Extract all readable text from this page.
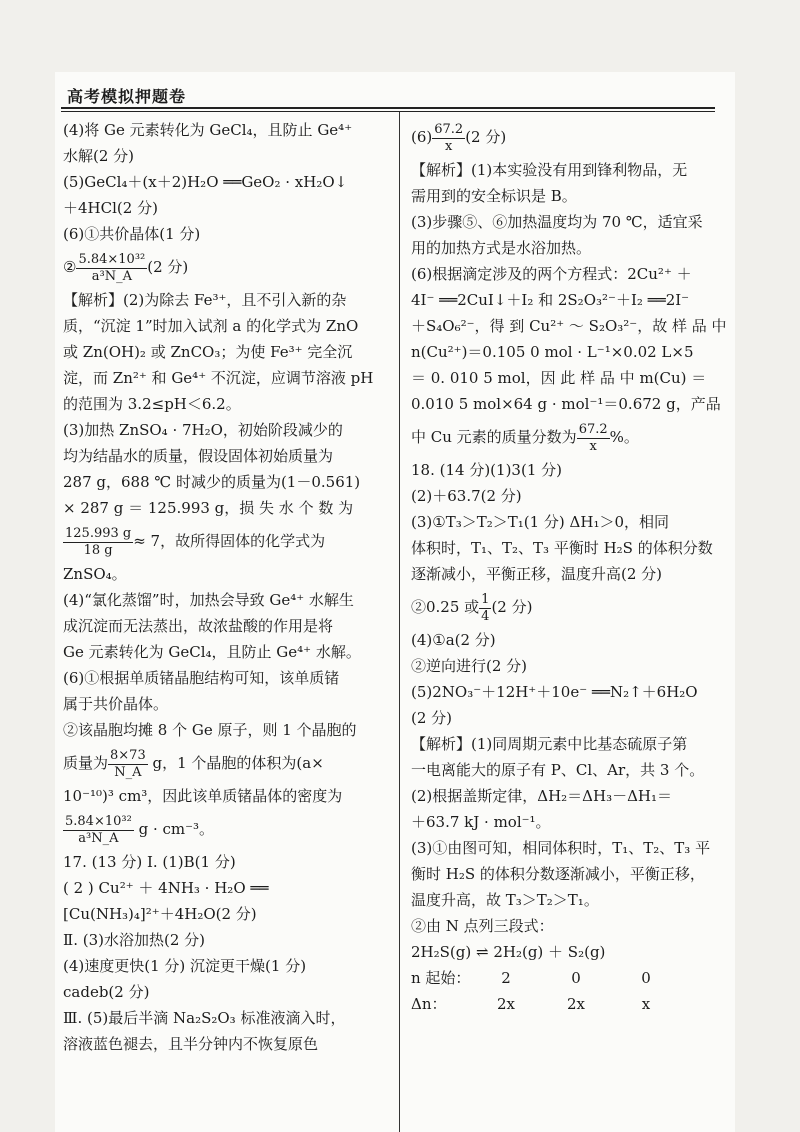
高考模拟押题卷
(4)将 Ge 元素转化为 GeCl₄，且防止 Ge⁴⁺
水解(2 分)
(5)GeCl₄＋(x＋2)H₂O ══GeO₂ · xH₂O↓
＋4HCl(2 分)
(6)①共价晶体(1 分)
② $\frac{\text{5.84×10³²}}{\text{a³N\_A}} (2$ 分)
【解析】(2)为除去 Fe³⁺，且不引入新的杂
质，“沉淀 1”时加入试剂 a 的化学式为 ZnO
或 Zn(OH)₂ 或 ZnCO₃；为使 Fe³⁺ 完全沉
淀，而 Zn²⁺ 和 Ge⁴⁺ 不沉淀，应调节溶液 pH
的范围为 3.2≤pH＜6.2。
(3)加热 ZnSO₄ · 7H₂O，初始阶段减少的
均为结晶水的质量，假设固体初始质量为
287 g，688 ℃ 时减少的质量为(1－0.561)
× 287 g ＝ 125.993 g，损 失 水 个 数 为
$\frac{125.993 g}{18 g} \approx 7$，故所得固体的化学式为
ZnSO₄。
(4)“氯化蒸馏”时，加热会导致 Ge⁴⁺ 水解生
成沉淀而无法蒸出，故浓盐酸的作用是将
Ge 元素转化为 GeCl₄，且防止 Ge⁴⁺ 水解。
(6)①根据单质锗晶胞结构可知，该单质锗
属于共价晶体。
②该晶胞均摊 8 个 Ge 原子，则 1 个晶胞的
质量为 $\frac{8\times 73}{N\_A}$ g，1 个晶胞的体积为(a×
10⁻¹⁰)³ cm³，因此该单质锗晶体的密度为
$\frac{\text{5.84×10³²}}{\text{a³N\_A}}$ g · cm⁻³。
17. (13 分) Ⅰ. (1)B(1 分)
( 2 ) Cu²⁺ ＋ 4NH₃ · H₂O ══
[Cu(NH₃)₄]²⁺＋4H₂O(2 分)
Ⅱ. (3)水浴加热(2 分)
(4)速度更快(1 分) 沉淀更干燥(1 分)
cadeb(2 分)
Ⅲ. (5)最后半滴 Na₂S₂O₃ 标准液滴入时，
溶液蓝色褪去，且半分钟内不恢复原色
$(6) \frac{67.2}{x} (2$ 分)
【解析】(1)本实验没有用到锋利物品，无
需用到的安全标识是 B。
(3)步骤⑤、⑥加热温度均为 70 ℃，适宜采
用的加热方式是水浴加热。
(6)根据滴定涉及的两个方程式：2Cu²⁺ ＋
4I⁻ ══2CuI↓＋I₂ 和 2S₂O₃²⁻＋I₂ ══2I⁻
＋S₄O₆²⁻，得 到 Cu²⁺ ～ S₂O₃²⁻，故 样 品 中
n(Cu²⁺)＝0.105 0 mol · L⁻¹×0.02 L×5
＝ 0. 010 5 mol，因 此 样 品 中 m(Cu) ＝
0.010 5 mol×64 g · mol⁻¹＝0.672 g，产品
中 Cu 元素的质量分数为 $\frac{67.2}{x}$ %。
18. (14 分)(1)3(1 分)
(2)＋63.7(2 分)
(3)①T₃＞T₂＞T₁(1 分) ΔH₁＞0，相同
体积时，T₁、T₂、T₃ 平衡时 H₂S 的体积分数
逐渐减小，平衡正移，温度升高(2 分)
②0.25 或 $\frac{1}{4} (2$ 分)
(4)①a(2 分)
②逆向进行(2 分)
(5)2NO₃⁻＋12H⁺＋10e⁻ ══N₂↑＋6H₂O
(2 分)
【解析】(1)同周期元素中比基态硫原子第
一电离能大的原子有 P、Cl、Ar，共 3 个。
(2)根据盖斯定律，ΔH₂＝ΔH₃－ΔH₁＝
＋63.7 kJ · mol⁻¹。
(3)①由图可知，相同体积时，T₁、T₂、T₃ 平
衡时 H₂S 的体积分数逐渐减小，平衡正移，
温度升高，故 T₃＞T₂＞T₁。
②由 N 点列三段式：
2H₂S(g) ⇌ 2H₂(g) ＋ S₂(g)
n 起始： 2	0	0
Δn：	2x	2x	x
